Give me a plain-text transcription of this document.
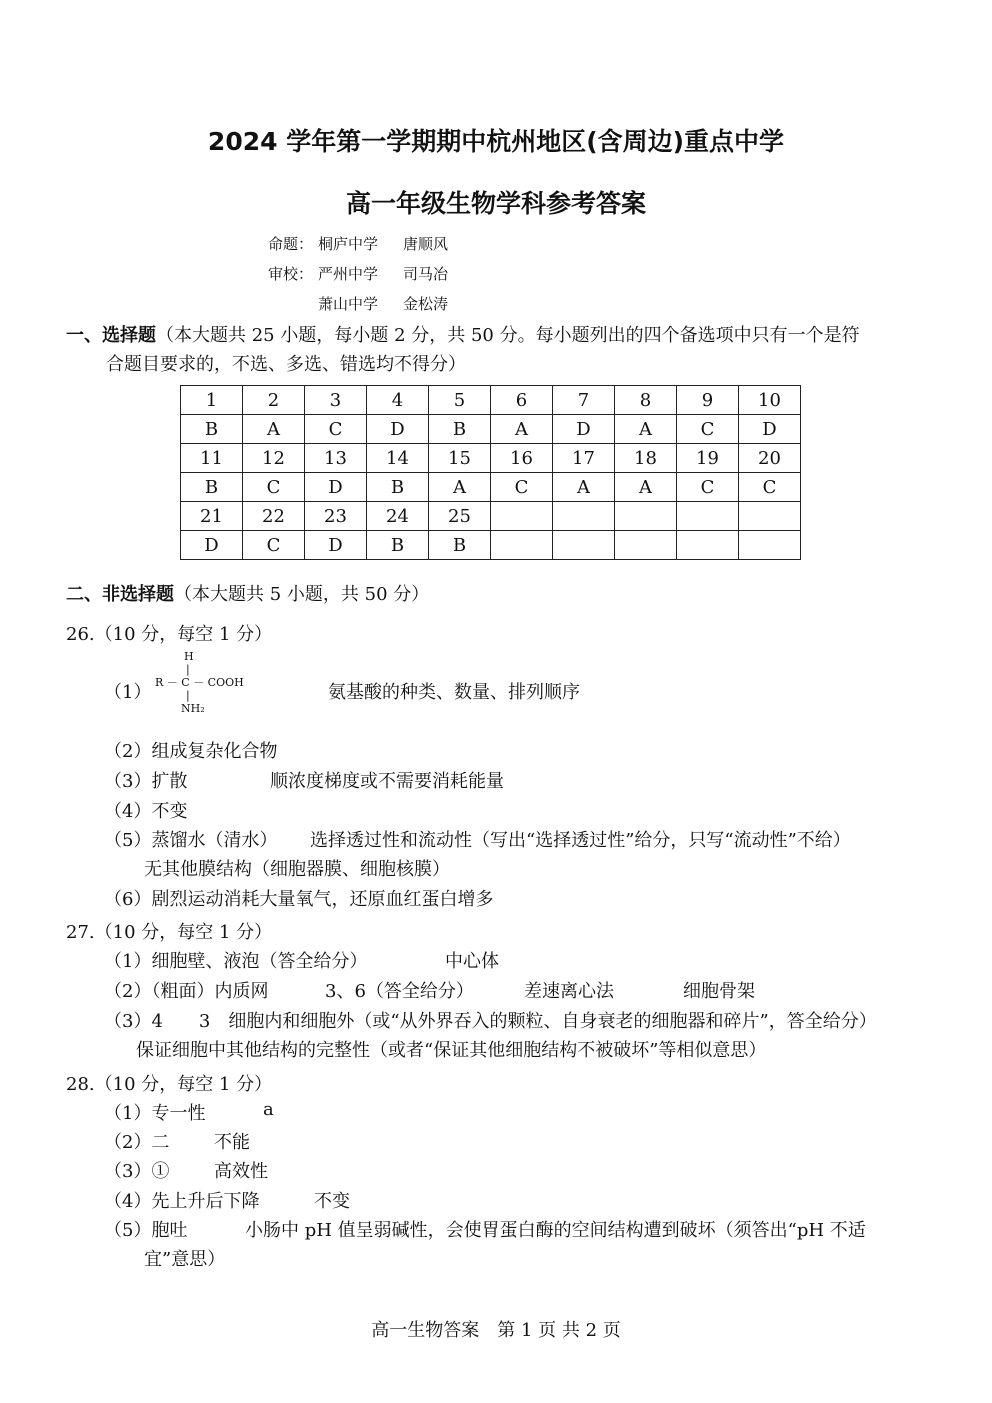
2024 学年第一学期期中杭州地区(含周边)重点中学
高一年级生物学科参考答案
命题： 桐庐中学 唐顺风
审校： 严州中学 司马冶
萧山中学 金松涛
一、选择题（本大题共 25 小题，每小题 2 分，共 50 分。每小题列出的四个备选项中只有一个是符
合题目要求的，不选、多选、错选均不得分）
1	2	3	4	5	6	7	8	9	10
B	A	C	D	B	A	D	A	C	D
11	12	13	14	15	16	17	18	19	20
B	C	D	B	A	C	A	A	C	C
21	22	23	24	25					
D	C	D	B	B					
二、非选择题（本大题共 5 小题，共 50 分）
26.（10 分，每空 1 分）
（1）
H
|
R － C － COOH
|
NH₂
氨基酸的种类、数量、排列顺序
（2）组成复杂化合物
（3）扩散	顺浓度梯度或不需要消耗能量
（4）不变
（5）蒸馏水（清水） 选择透过性和流动性（写出“选择透过性”给分，只写“流动性”不给）
无其他膜结构（细胞器膜、细胞核膜）
（6）剧烈运动消耗大量氧气，还原血红蛋白增多
27.（10 分，每空 1 分）
（1）细胞壁、液泡（答全给分）	中心体
（2）（粗面）内质网	3、6（答全给分）	差速离心法	细胞骨架
（3）4　　3　细胞内和细胞外（或“从外界吞入的颗粒、自身衰老的细胞器和碎片”，答全给分）
保证细胞中其他结构的完整性（或者“保证其他细胞结构不被破坏”等相似意思）
28.（10 分，每空 1 分）
（1）专一性	a
（2）二 不能
（3）① 高效性
（4）先上升后下降	不变
（5）胞吐	小肠中 pH 值呈弱碱性，会使胃蛋白酶的空间结构遭到破坏（须答出“pH 不适
宜”意思）
高一生物答案　第 1 页 共 2 页
